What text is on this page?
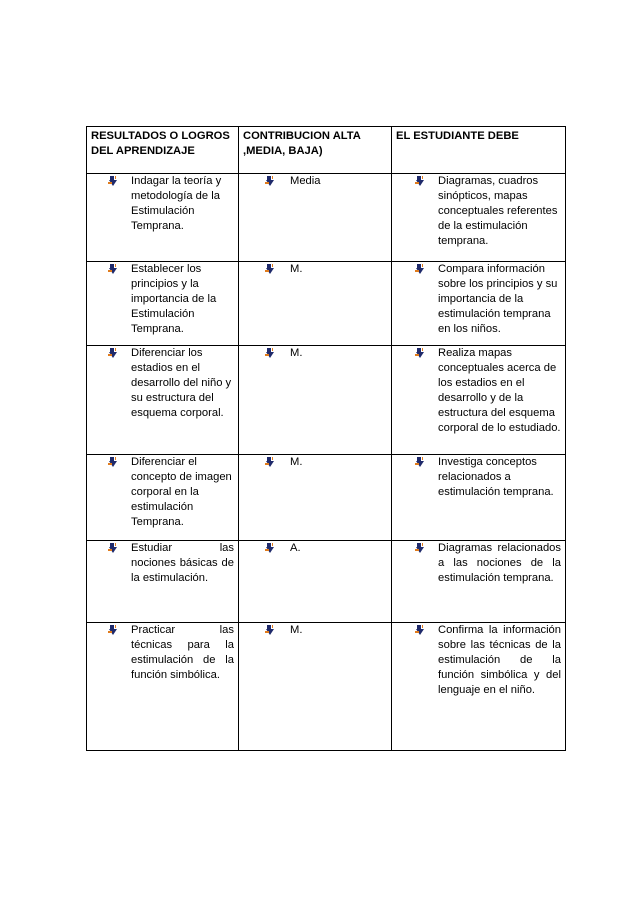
RESULTADOS O LOGROS DEL APRENDIZAJE	CONTRIBUCION ALTA ,MEDIA, BAJA)	EL ESTUDIANTE DEBE

Indagar la teoría y metodología de la Estimulación Temprana.	Media	Diagramas, cuadros sinópticos, mapas conceptuales referentes de la estimulación temprana.

Establecer los principios y la importancia de la Estimulación Temprana.	M.	Compara información sobre los principios y su importancia de la estimulación temprana en los niños.

Diferenciar los estadios en el desarrollo del niño y su estructura del esquema corporal.	M.	Realiza mapas conceptuales acerca de los estadios en el desarrollo y de la estructura del esquema corporal de lo estudiado.

Diferenciar el concepto de imagen corporal en la estimulación Temprana.	M.	Investiga conceptos relacionados a estimulación temprana.

Estudiar las nociones básicas de la estimulación.	A.	Diagramas relacionados a las nociones de la estimulación temprana.

Practicar las técnicas para la estimulación de la función simbólica.	M.	Confirma la información sobre las técnicas de la estimulación de la función simbólica y del lenguaje en el niño.
